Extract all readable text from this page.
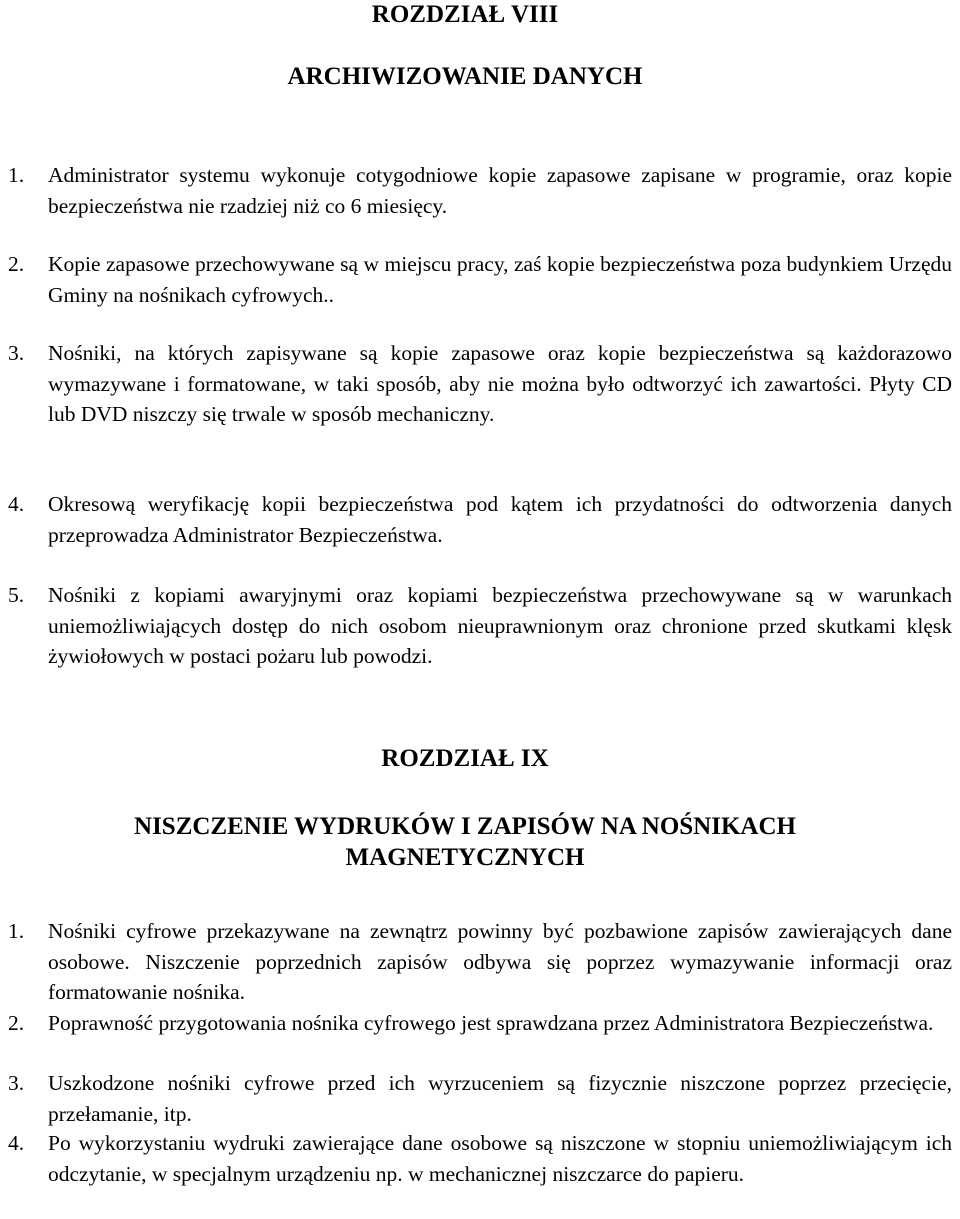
ROZDZIAŁ VIII
ARCHIWIZOWANIE DANYCH
1. Administrator systemu wykonuje cotygodniowe kopie zapasowe zapisane w programie, oraz kopie bezpieczeństwa nie rzadziej niż co 6 miesięcy.
2. Kopie zapasowe przechowywane są w miejscu pracy, zaś kopie bezpieczeństwa poza budynkiem Urzędu Gminy na nośnikach cyfrowych..
3. Nośniki, na których zapisywane są kopie zapasowe oraz kopie bezpieczeństwa są każdorazowo wymazywane i formatowane, w taki sposób, aby nie można było odtworzyć ich zawartości. Płyty CD lub DVD niszczy się trwale w sposób mechaniczny.
4. Okresową weryfikację kopii bezpieczeństwa pod kątem ich przydatności do odtworzenia danych przeprowadza Administrator Bezpieczeństwa.
5. Nośniki z kopiami awaryjnymi oraz kopiami bezpieczeństwa przechowywane są w warunkach uniemożliwiających dostęp do nich osobom nieuprawnionym oraz chronione przed skutkami klęsk żywiołowych w postaci pożaru lub powodzi.
ROZDZIAŁ IX
NISZCZENIE WYDRUKÓW I ZAPISÓW NA NOŚNIKACH
MAGNETYCZNYCH
1. Nośniki cyfrowe przekazywane na zewnątrz powinny być pozbawione zapisów zawierających dane osobowe. Niszczenie poprzednich zapisów odbywa się poprzez wymazywanie informacji oraz formatowanie nośnika.
2. Poprawność przygotowania nośnika cyfrowego jest sprawdzana przez Administratora Bezpieczeństwa.
3. Uszkodzone nośniki cyfrowe przed ich wyrzuceniem są fizycznie niszczone poprzez przecięcie, przełamanie, itp.
4. Po wykorzystaniu wydruki zawierające dane osobowe są niszczone w stopniu uniemożliwiającym ich odczytanie, w specjalnym urządzeniu np. w mechanicznej niszczarce do papieru.
